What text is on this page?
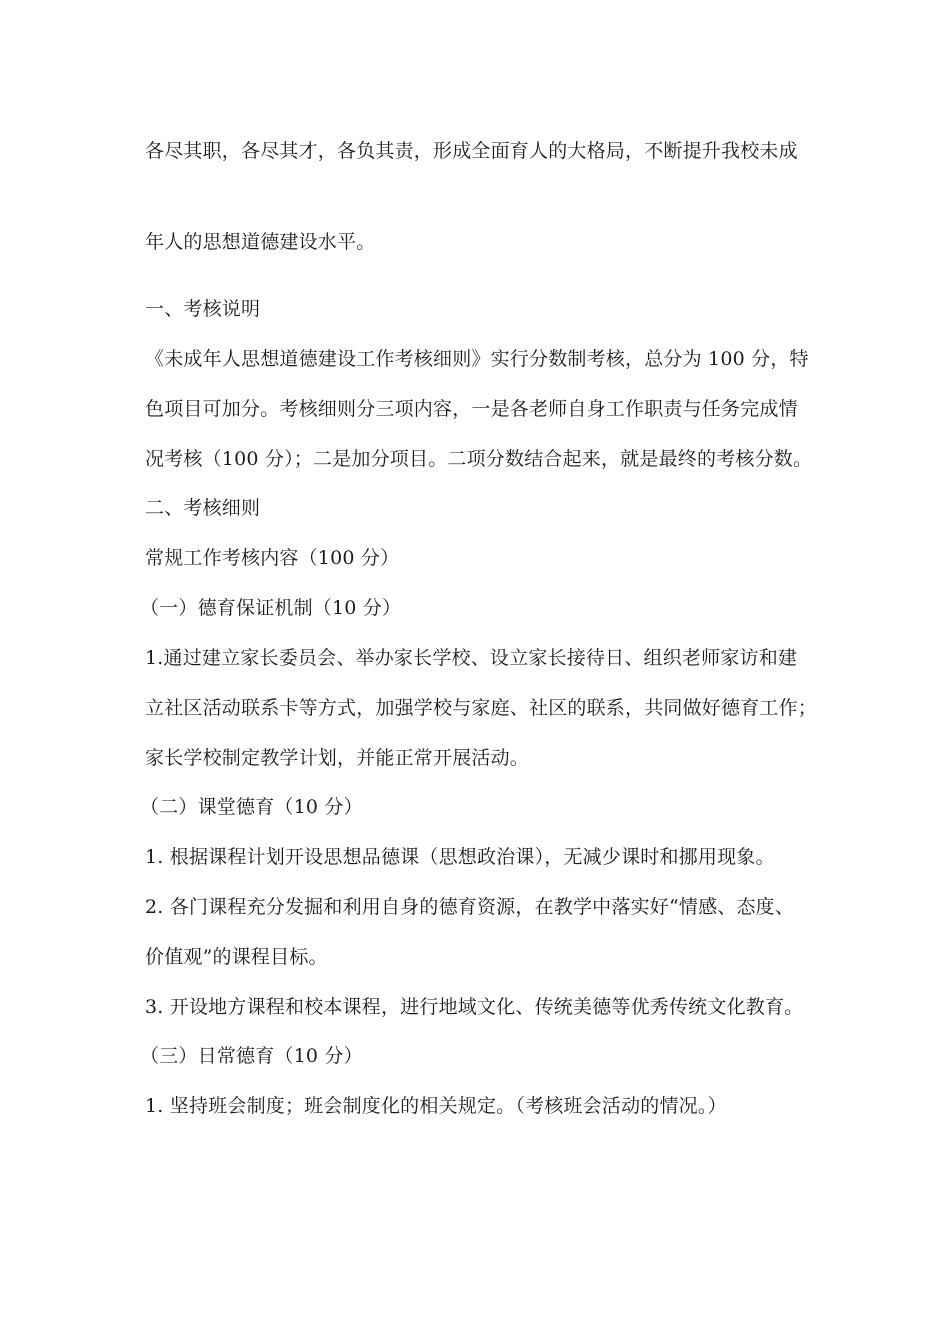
各尽其职，各尽其才，各负其责，形成全面育人的大格局，不断提升我校未成
年人的思想道德建设水平。
一、考核说明
《未成年人思想道德建设工作考核细则》实行分数制考核，总分为 100 分，特
色项目可加分。考核细则分三项内容，一是各老师自身工作职责与任务完成情
况考核（100 分）；二是加分项目。二项分数结合起来，就是最终的考核分数。
二、考核细则
常规工作考核内容（100 分）
（一）德育保证机制（10 分）
1.通过建立家长委员会、举办家长学校、设立家长接待日、组织老师家访和建
立社区活动联系卡等方式，加强学校与家庭、社区的联系，共同做好德育工作；
家长学校制定教学计划，并能正常开展活动。
（二）课堂德育（10 分）
1. 根据课程计划开设思想品德课（思想政治课），无减少课时和挪用现象。
2. 各门课程充分发掘和利用自身的德育资源，在教学中落实好“情感、态度、
价值观”的课程目标。
3. 开设地方课程和校本课程，进行地域文化、传统美德等优秀传统文化教育。
（三）日常德育（10 分）
1. 坚持班会制度；班会制度化的相关规定。（考核班会活动的情况。）
